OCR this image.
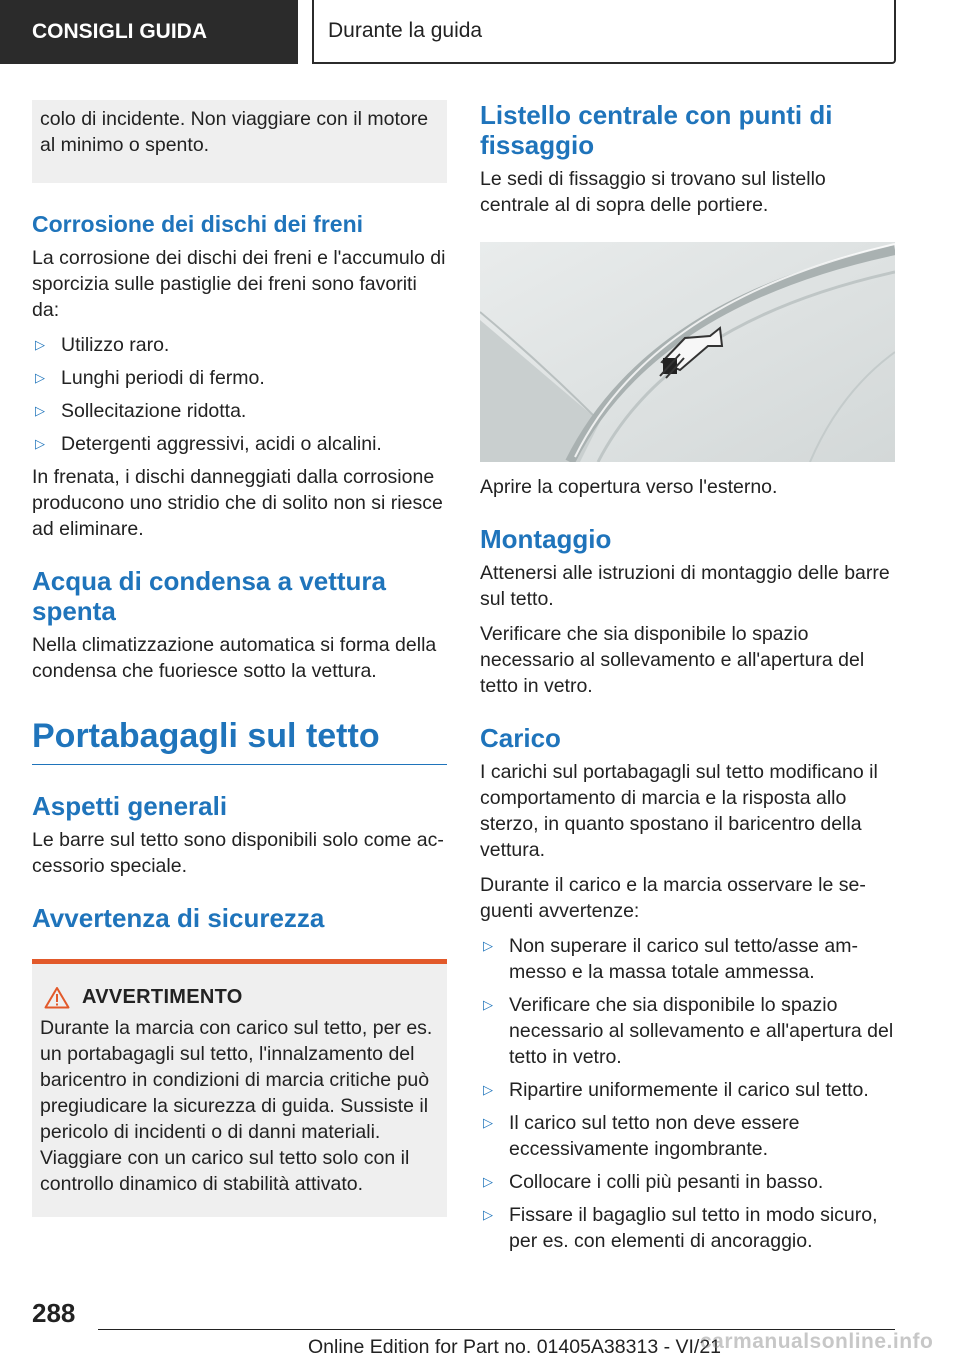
CONSIGLI GUIDA	Durante la guida

colo di incidente. Non viaggiare con il motore al minimo o spento.

Corrosione dei dischi dei freni

La corrosione dei dischi dei freni e l'accumulo di sporcizia sulle pastiglie dei freni sono favoriti da:

▷ Utilizzo raro.
▷ Lunghi periodi di fermo.
▷ Sollecitazione ridotta.
▷ Detergenti aggressivi, acidi o alcalini.

In frenata, i dischi danneggiati dalla corrosione producono uno stridio che di solito non si riesce ad eliminare.

Acqua di condensa a vettura spenta

Nella climatizzazione automatica si forma della condensa che fuoriesce sotto la vettura.

Portabagagli sul tetto
Aspetti generali

Le barre sul tetto sono disponibili solo come accessorio speciale.

Avvertenza di sicurezza
AVVERTIMENTO

Durante la marcia con carico sul tetto, per es. un portabagagli sul tetto, l'innalzamento del baricentro in condizioni di marcia critiche può pregiudicare la sicurezza di guida. Sussiste il pericolo di incidenti o di danni materiali. Viaggiare con un carico sul tetto solo con il controllo dinamico di stabilità attivato.

Listello centrale con punti di fissaggio

Le sedi di fissaggio si trovano sul listello centrale al di sopra delle portiere.

Aprire la copertura verso l'esterno.

Montaggio

Attenersi alle istruzioni di montaggio delle barre sul tetto.

Verificare che sia disponibile lo spazio necessario al sollevamento e all'apertura del tetto in vetro.

Carico

I carichi sul portabagagli sul tetto modificano il comportamento di marcia e la risposta allo sterzo, in quanto spostano il baricentro della vettura.

Durante il carico e la marcia osservare le seguenti avvertenze:

▷ Non superare il carico sul tetto/asse ammesso e la massa totale ammessa.
▷ Verificare che sia disponibile lo spazio necessario al sollevamento e all'apertura del tetto in vetro.
▷ Ripartire uniformemente il carico sul tetto.
▷ Il carico sul tetto non deve essere eccessivamente ingombrante.
▷ Collocare i colli più pesanti in basso.
▷ Fissare il bagaglio sul tetto in modo sicuro, per es. con elementi di ancoraggio.
288
Online Edition for Part no. 01405A38313 - VI/21
carmanualsonline.info
